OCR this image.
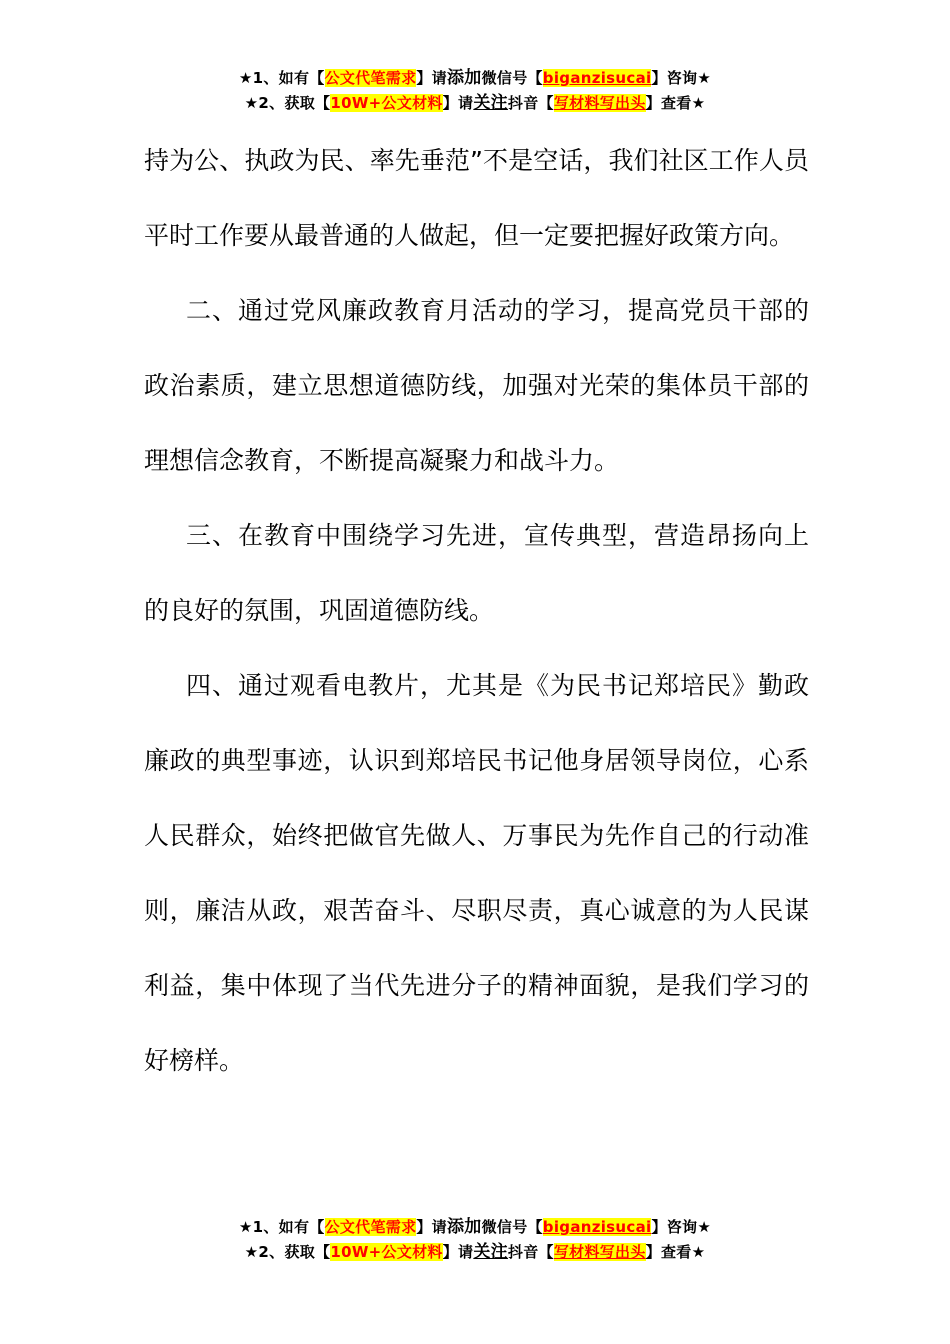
★1、如有【公文代笔需求】请添加微信号【biganzisucai】咨询★
★2、获取【10W+公文材料】请关注抖音【写材料写出头】查看★

持为公、执政为民、率先垂范”不是空话，我们社区工作人员平时工作要从最普通的人做起，但一定要把握好政策方向。

二、通过党风廉政教育月活动的学习，提高党员干部的政治素质，建立思想道德防线，加强对光荣的集体员干部的理想信念教育，不断提高凝聚力和战斗力。

三、在教育中围绕学习先进，宣传典型，营造昂扬向上的良好的氛围，巩固道德防线。

四、通过观看电教片，尤其是《为民书记郑培民》勤政廉政的典型事迹，认识到郑培民书记他身居领导岗位，心系人民群众，始终把做官先做人、万事民为先作自己的行动准则，廉洁从政，艰苦奋斗、尽职尽责，真心诚意的为人民谋利益，集中体现了当代先进分子的精神面貌，是我们学习的好榜样。

★1、如有【公文代笔需求】请添加微信号【biganzisucai】咨询★
★2、获取【10W+公文材料】请关注抖音【写材料写出头】查看★
